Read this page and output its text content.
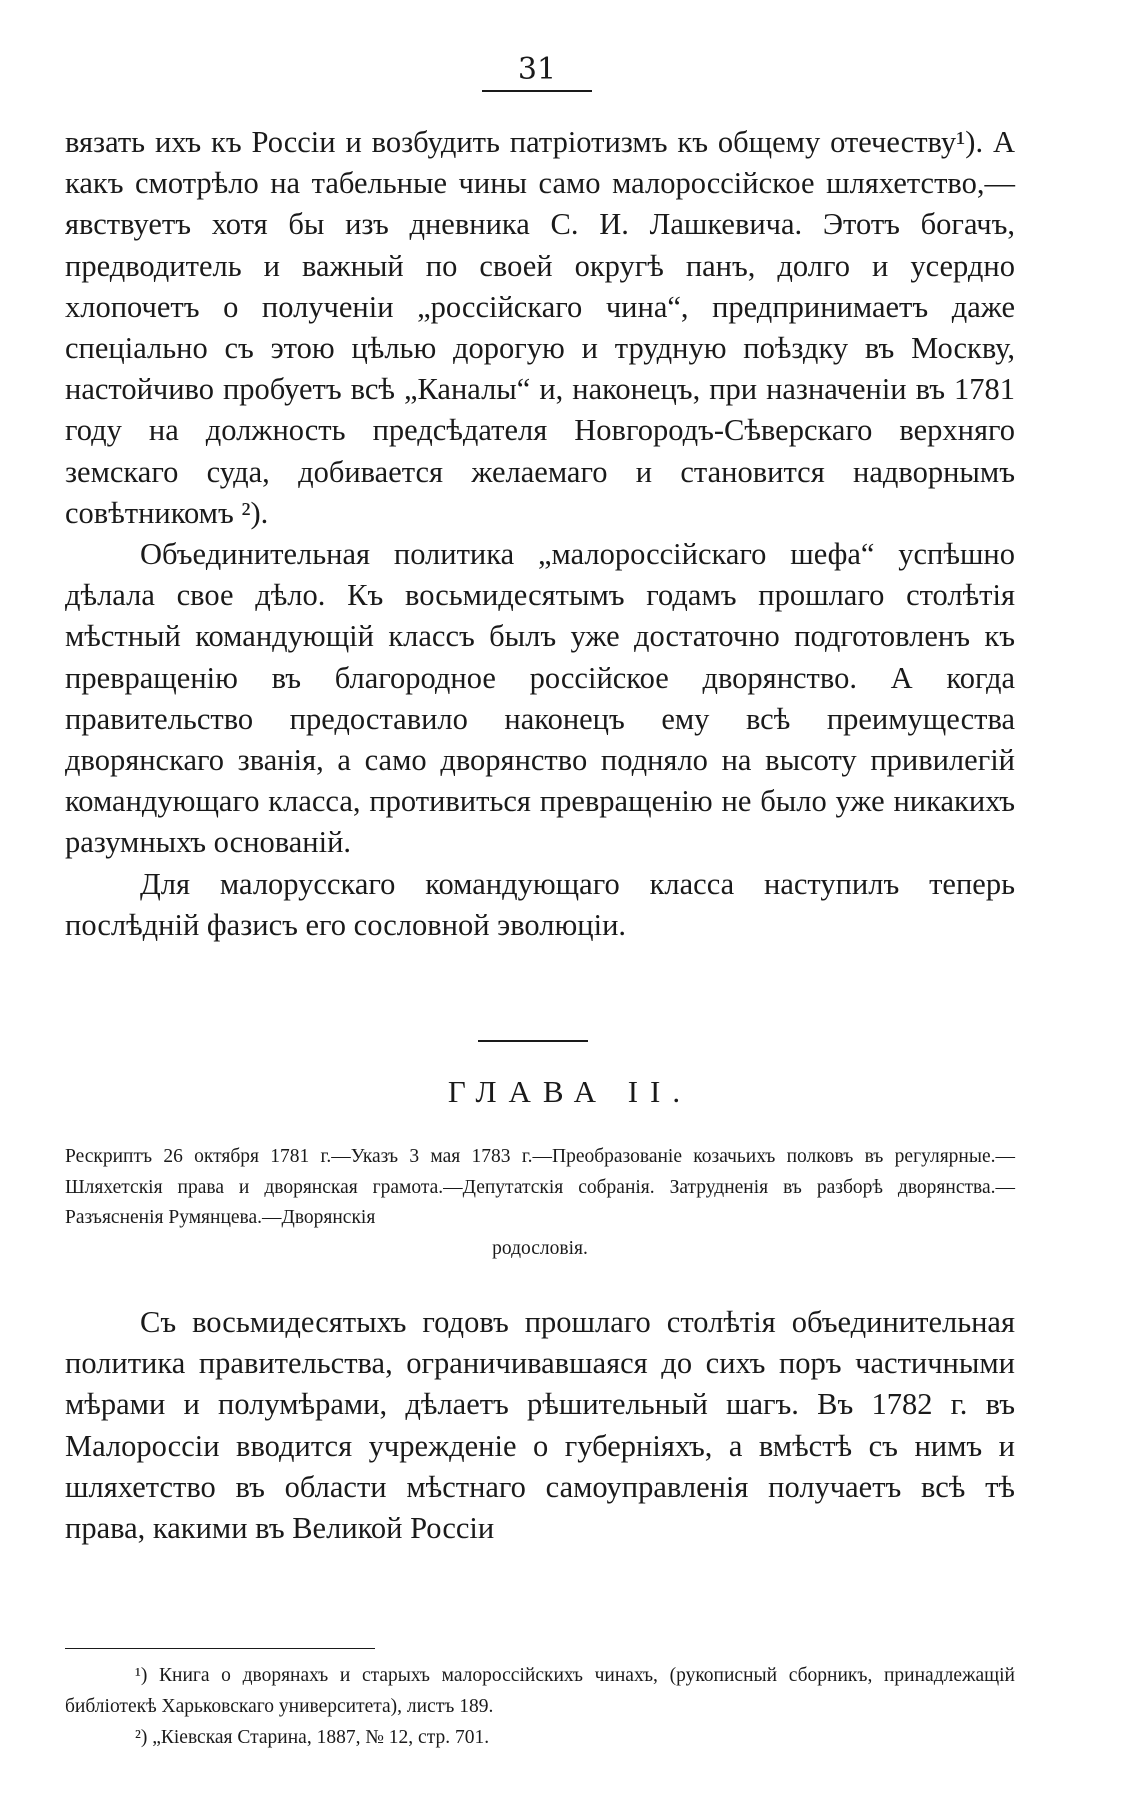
31

вязать ихъ къ Россіи и возбудить патріотизмъ къ общему отечеству¹). А какъ смотрѣло на табельные чины само малороссійское шляхетство,—явствуетъ хотя бы изъ дневника С. И. Лашкевича. Этотъ богачъ, предводитель и важный по своей округѣ панъ, долго и усердно хлопочетъ о полученіи „россійскаго чина“, предпринимаетъ даже спеціально съ этою цѣлью дорогую и трудную поѣздку въ Москву, настойчиво пробуетъ всѣ „Каналы“ и, наконецъ, при назначеніи въ 1781 году на должность предсѣдателя Новгородъ-Сѣверскаго верхняго земскаго суда, добивается желаемаго и становится надворнымъ совѣтникомъ ²).

Объединительная политика „малороссійскаго шефа“ успѣшно дѣлала свое дѣло. Къ восьмидесятымъ годамъ прошлаго столѣтія мѣстный командующій классъ былъ уже достаточно подготовленъ къ превращенію въ благородное россійское дворянство. А когда правительство предоставило наконецъ ему всѣ преимущества дворянскаго званія, а само дворянство подняло на высоту привилегій командующаго класса, противиться превращенію не было уже никакихъ разумныхъ основаній.

Для малорусскаго командующаго класса наступилъ теперь послѣдній фазисъ его сословной эволюціи.

ГЛАВА II.
Рескриптъ 26 октября 1781 г.—Указъ 3 мая 1783 г.—Преобразованіе козачьихъ полковъ въ регулярные.—Шляхетскія права и дворянская грамота.—Депутатскія собранія. Затрудненія въ разборѣ дворянства.—Разъясненія Румянцева.—Дворянскія
родословія.

Съ восьмидесятыхъ годовъ прошлаго столѣтія объединительная политика правительства, ограничивавшаяся до сихъ поръ частичными мѣрами и полумѣрами, дѣлаетъ рѣшительный шагъ. Въ 1782 г. въ Малороссіи вводится учрежденіе о губерніяхъ, а вмѣстѣ съ нимъ и шляхетство въ области мѣстнаго самоуправленія получаетъ всѣ тѣ права, какими въ Великой Россіи

¹) Книга о дворянахъ и старыхъ малороссійскихъ чинахъ, (рукописный сборникъ, принадлежащій библіотекѣ Харьковскаго университета), листъ 189.

²) „Кіевская Старина, 1887, № 12, стр. 701.
